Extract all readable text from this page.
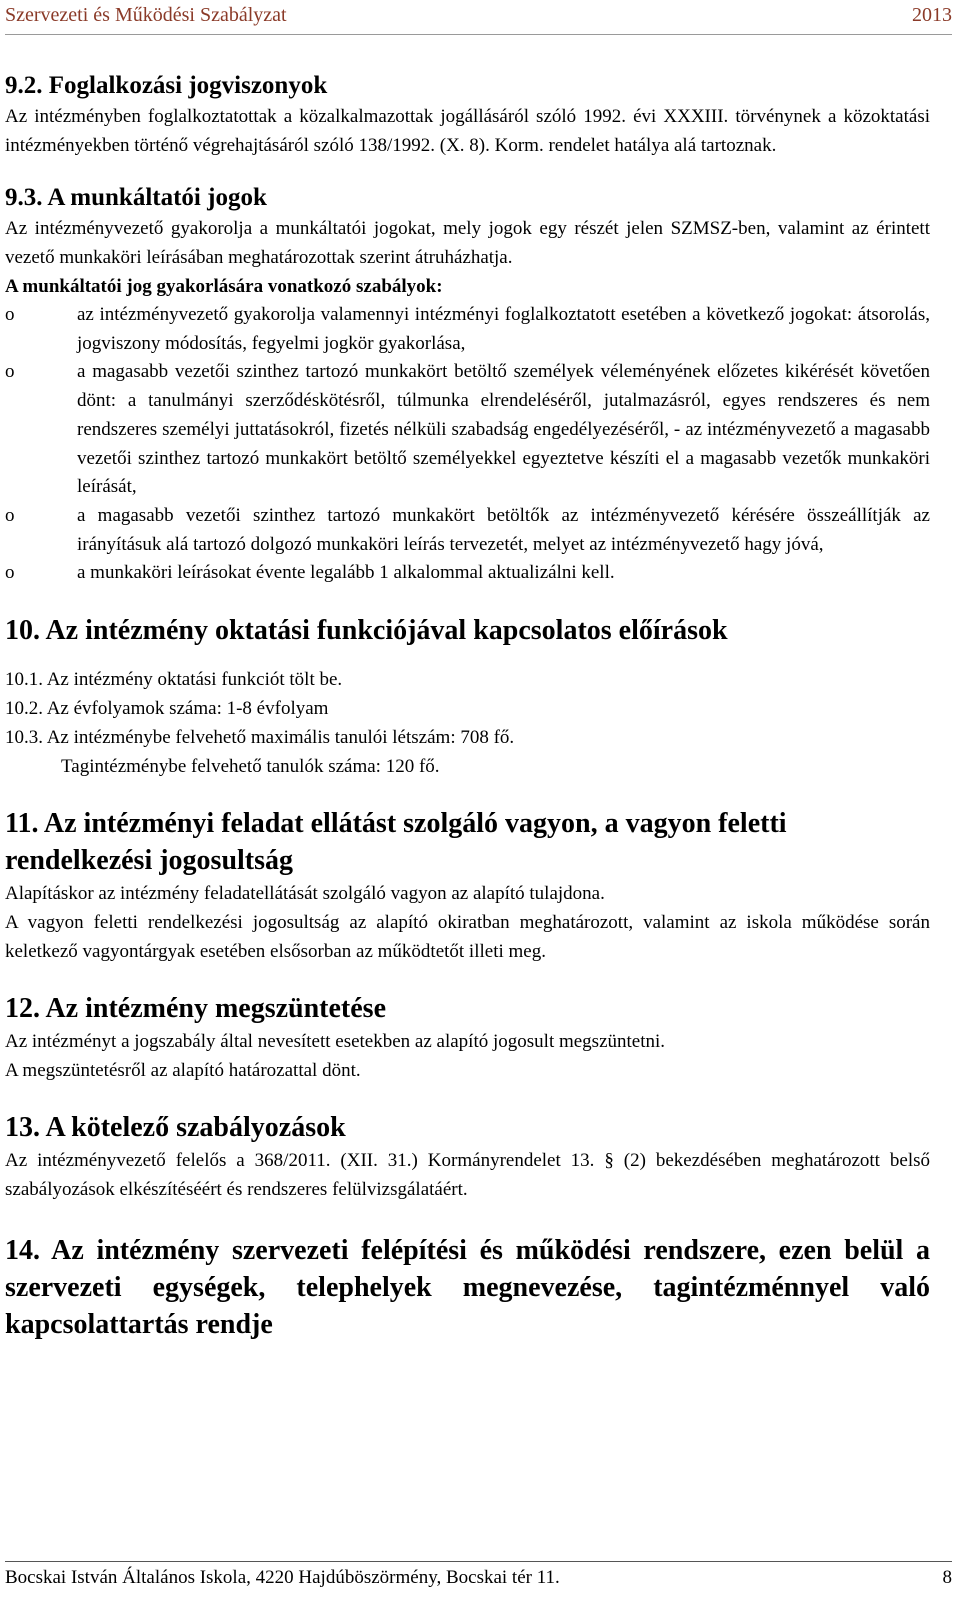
Szervezeti és Működési Szabályzat	2013
9.2. Foglalkozási jogviszonyok

Az intézményben foglalkoztatottak a közalkalmazottak jogállásáról szóló 1992. évi XXXIII. törvénynek a közoktatási intézményekben történő végrehajtásáról szóló 138/1992. (X. 8). Korm. rendelet hatálya alá tartoznak.

9.3. A munkáltatói jogok

Az intézményvezető gyakorolja a munkáltatói jogokat, mely jogok egy részét jelen SZMSZ-ben, valamint az érintett vezető munkaköri leírásában meghatározottak szerint átruházhatja.

A munkáltatói jog gyakorlására vonatkozó szabályok:

o	az intézményvezető gyakorolja valamennyi intézményi foglalkoztatott esetében a következő jogokat: átsorolás, jogviszony módosítás, fegyelmi jogkör gyakorlása,
o	a magasabb vezetői szinthez tartozó munkakört betöltő személyek véleményének előzetes kikérését követően dönt: a tanulmányi szerződéskötésről, túlmunka elrendeléséről, jutalmazásról, egyes rendszeres és nem rendszeres személyi juttatásokról, fizetés nélküli szabadság engedélyezéséről, - az intézményvezető a magasabb vezetői szinthez tartozó munkakört betöltő személyekkel egyeztetve készíti el a magasabb vezetők munkaköri leírását,
o	a magasabb vezetői szinthez tartozó munkakört betöltők az intézményvezető kérésére összeállítják az irányításuk alá tartozó dolgozó munkaköri leírás tervezetét, melyet az intézményvezető hagy jóvá,
o	a munkaköri leírásokat évente legalább 1 alkalommal aktualizálni kell.
10. Az intézmény oktatási funkciójával kapcsolatos előírások

10.1. Az intézmény oktatási funkciót tölt be.

10.2. Az évfolyamok száma: 1-8 évfolyam

10.3. Az intézménybe felvehető maximális tanulói létszám: 708 fő.

Tagintézménybe felvehető tanulók száma: 120 fő.

11. Az intézményi feladat ellátást szolgáló vagyon, a vagyon feletti rendelkezési jogosultság

Alapításkor az intézmény feladatellátását szolgáló vagyon az alapító tulajdona.

A vagyon feletti rendelkezési jogosultság az alapító okiratban meghatározott, valamint az iskola működése során keletkező vagyontárgyak esetében elsősorban az működtetőt illeti meg.

12. Az intézmény megszüntetése

Az intézményt a jogszabály által nevesített esetekben az alapító jogosult megszüntetni.

A megszüntetésről az alapító határozattal dönt.

13. A kötelező szabályozások

Az intézményvezető felelős a 368/2011. (XII. 31.) Kormányrendelet 13. § (2) bekezdésében meghatározott belső szabályozások elkészítéséért és rendszeres felülvizsgálatáért.

14. Az intézmény szervezeti felépítési és működési rendszere, ezen belül a szervezeti egységek, telephelyek megnevezése, tagintézménnyel való kapcsolattartás rendje
Bocskai István Általános Iskola, 4220 Hajdúböszörmény, Bocskai tér 11.	8
